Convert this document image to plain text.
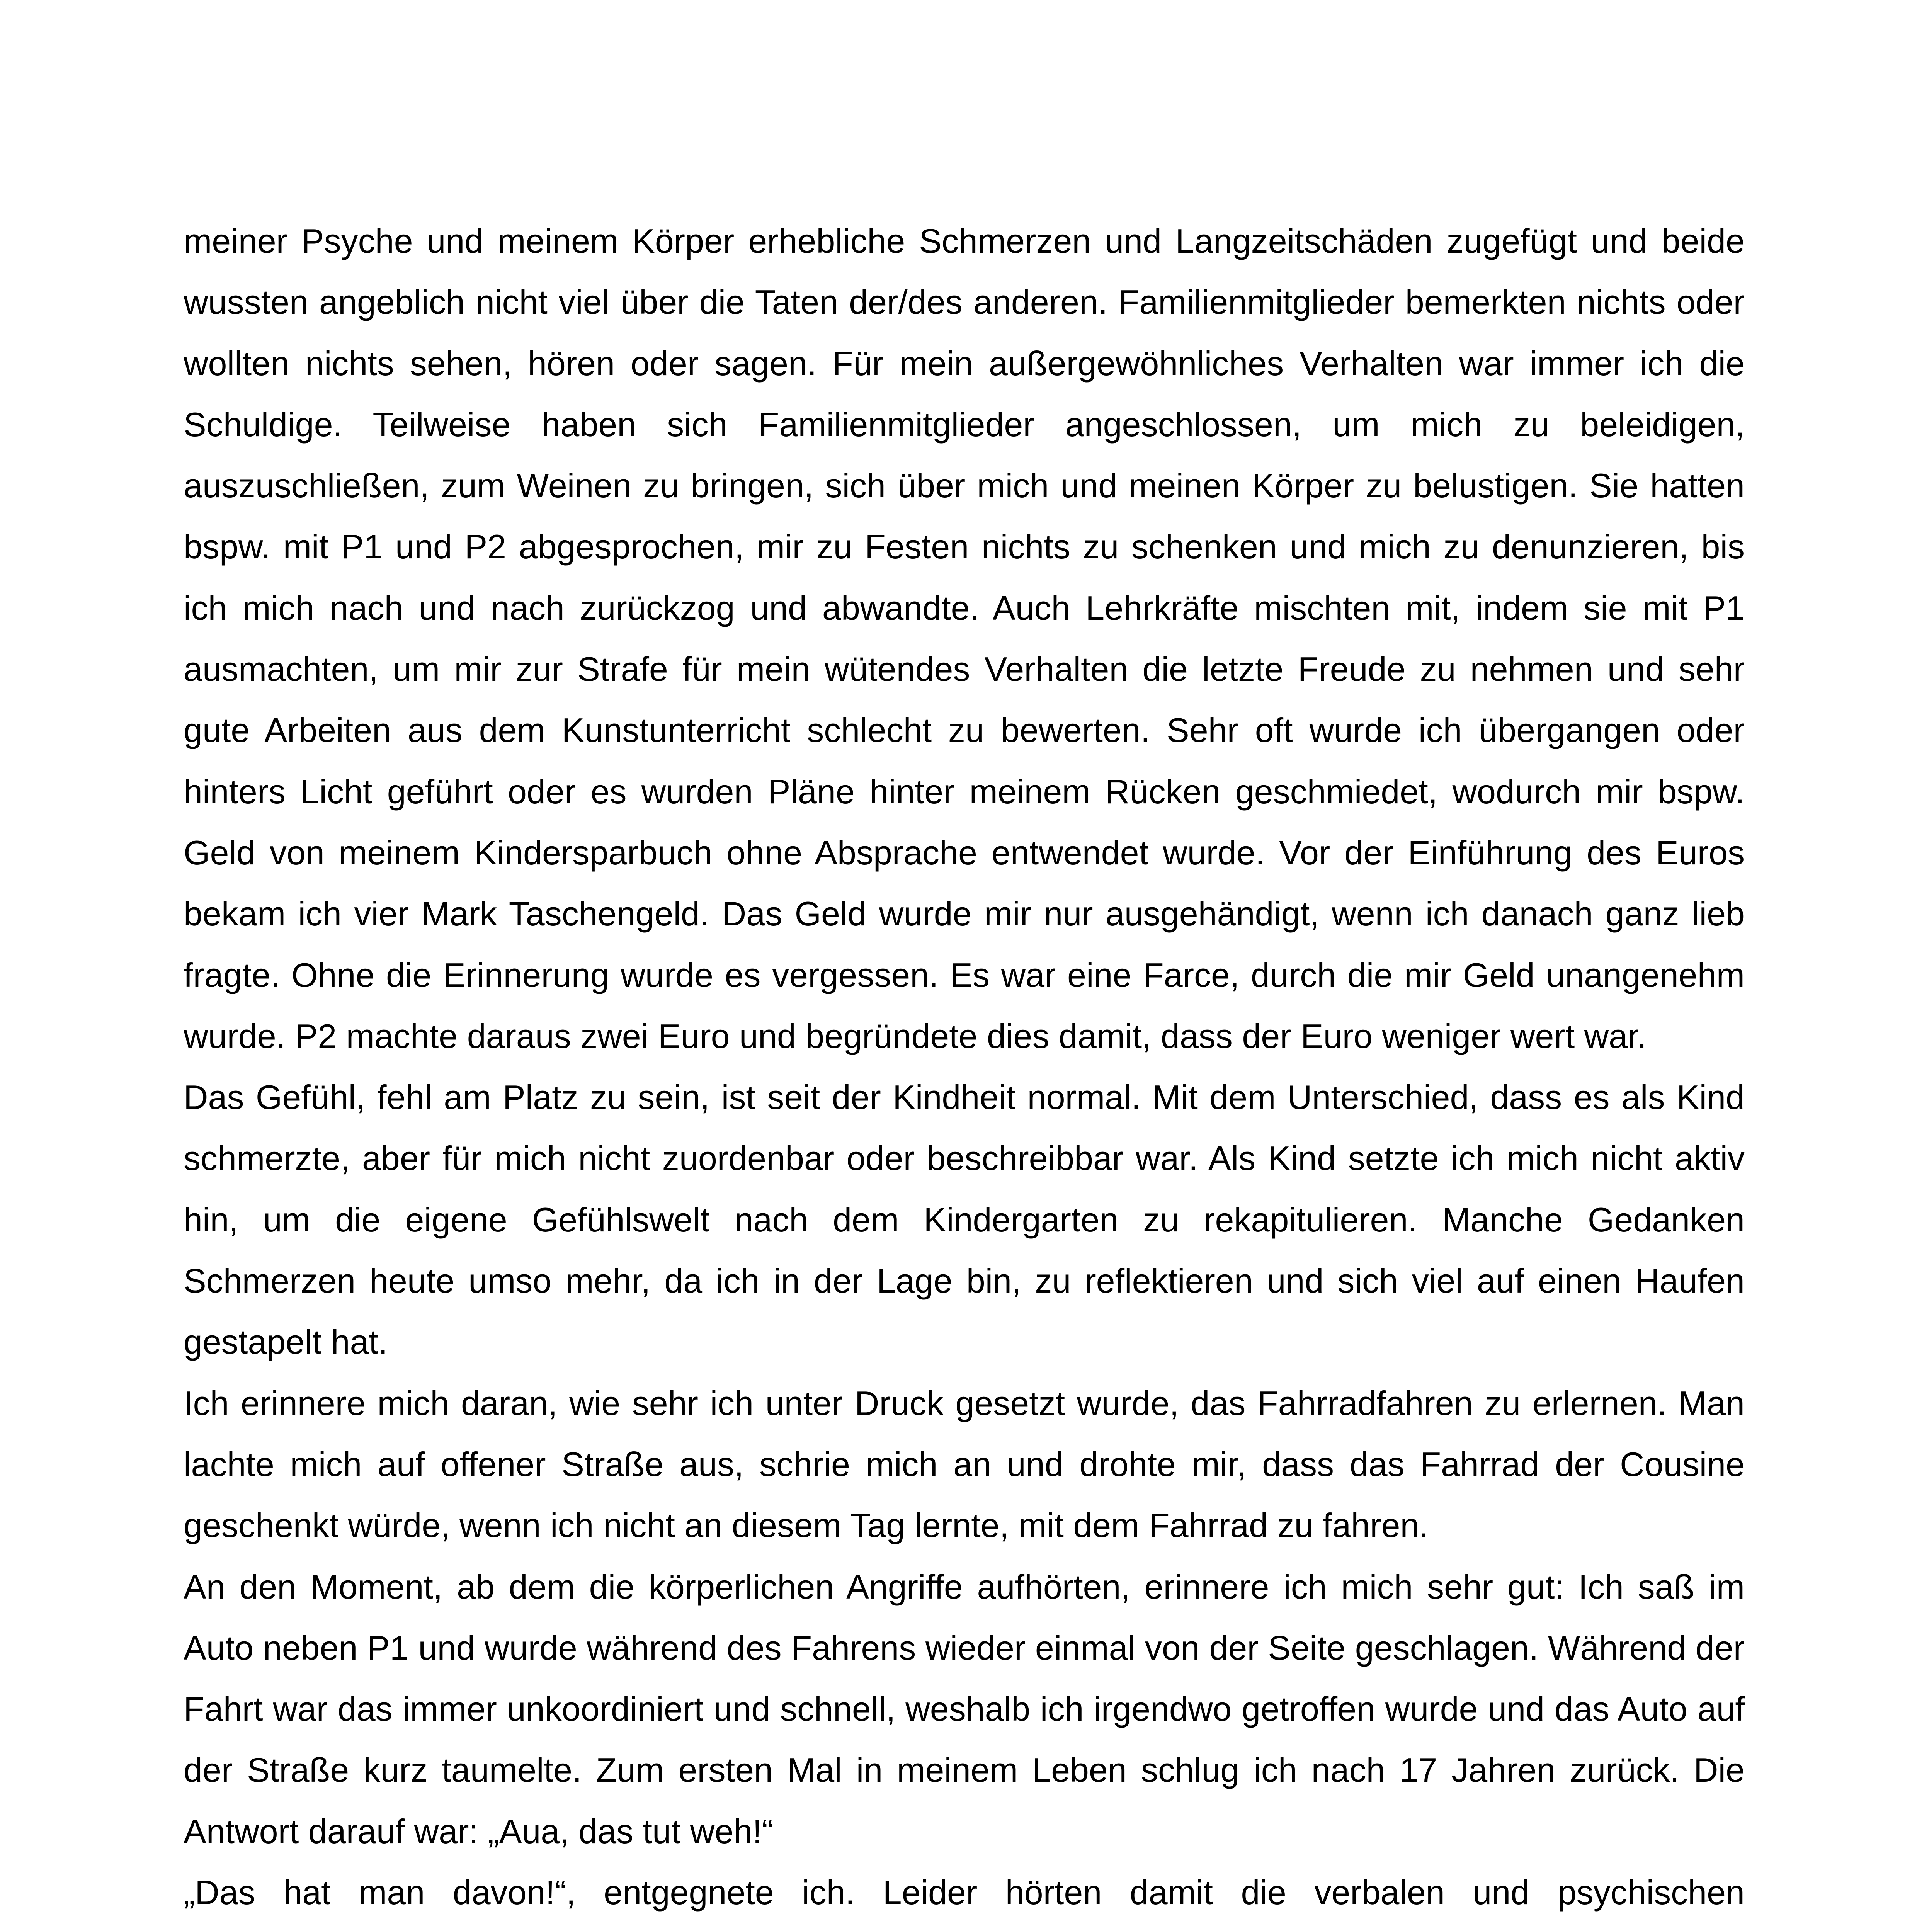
meiner Psyche und meinem Körper erhebliche Schmerzen und Langzeitschäden zugefügt und beide wussten angeblich nicht viel über die Taten der/des anderen. Familienmitglieder bemerkten nichts oder wollten nichts sehen, hören oder sagen. Für mein außergewöhnliches Verhalten war immer ich die Schuldige. Teilweise haben sich Familienmitglieder angeschlossen, um mich zu beleidigen, auszuschließen, zum Weinen zu bringen, sich über mich und meinen Körper zu belustigen. Sie hatten bspw. mit P1 und P2 abgesprochen, mir zu Festen nichts zu schenken und mich zu denunzieren, bis ich mich nach und nach zurückzog und abwandte. Auch Lehrkräfte mischten mit, indem sie mit P1 ausmachten, um mir zur Strafe für mein wütendes Verhalten die letzte Freude zu nehmen und sehr gute Arbeiten aus dem Kunstunterricht schlecht zu bewerten. Sehr oft wurde ich übergangen oder hinters Licht geführt oder es wurden Pläne hinter meinem Rücken geschmiedet, wodurch mir bspw. Geld von meinem Kindersparbuch ohne Absprache entwendet wurde. Vor der Einführung des Euros bekam ich vier Mark Taschengeld. Das Geld wurde mir nur ausgehändigt, wenn ich danach ganz lieb fragte. Ohne die Erinnerung wurde es vergessen. Es war eine Farce, durch die mir Geld unangenehm wurde. P2 machte daraus zwei Euro und begründete dies damit, dass der Euro weniger wert war.

Das Gefühl, fehl am Platz zu sein, ist seit der Kindheit normal. Mit dem Unterschied, dass es als Kind schmerzte, aber für mich nicht zuordenbar oder beschreibbar war. Als Kind setzte ich mich nicht aktiv hin, um die eigene Gefühlswelt nach dem Kindergarten zu rekapitulieren. Manche Gedanken Schmerzen heute umso mehr, da ich in der Lage bin, zu reflektieren und sich viel auf einen Haufen gestapelt hat.

Ich erinnere mich daran, wie sehr ich unter Druck gesetzt wurde, das Fahrradfahren zu erlernen. Man lachte mich auf offener Straße aus, schrie mich an und drohte mir, dass das Fahrrad der Cousine geschenkt würde, wenn ich nicht an diesem Tag lernte, mit dem Fahrrad zu fahren.

An den Moment, ab dem die körperlichen Angriffe aufhörten, erinnere ich mich sehr gut: Ich saß im Auto neben P1 und wurde während des Fahrens wieder einmal von der Seite geschlagen. Während der Fahrt war das immer unkoordiniert und schnell, weshalb ich irgendwo getroffen wurde und das Auto auf der Straße kurz taumelte. Zum ersten Mal in meinem Leben schlug ich nach 17 Jahren zurück. Die Antwort darauf war: „Aua, das tut weh!“

„Das hat man davon!“, entgegnete ich. Leider hörten damit die verbalen und psychischen
